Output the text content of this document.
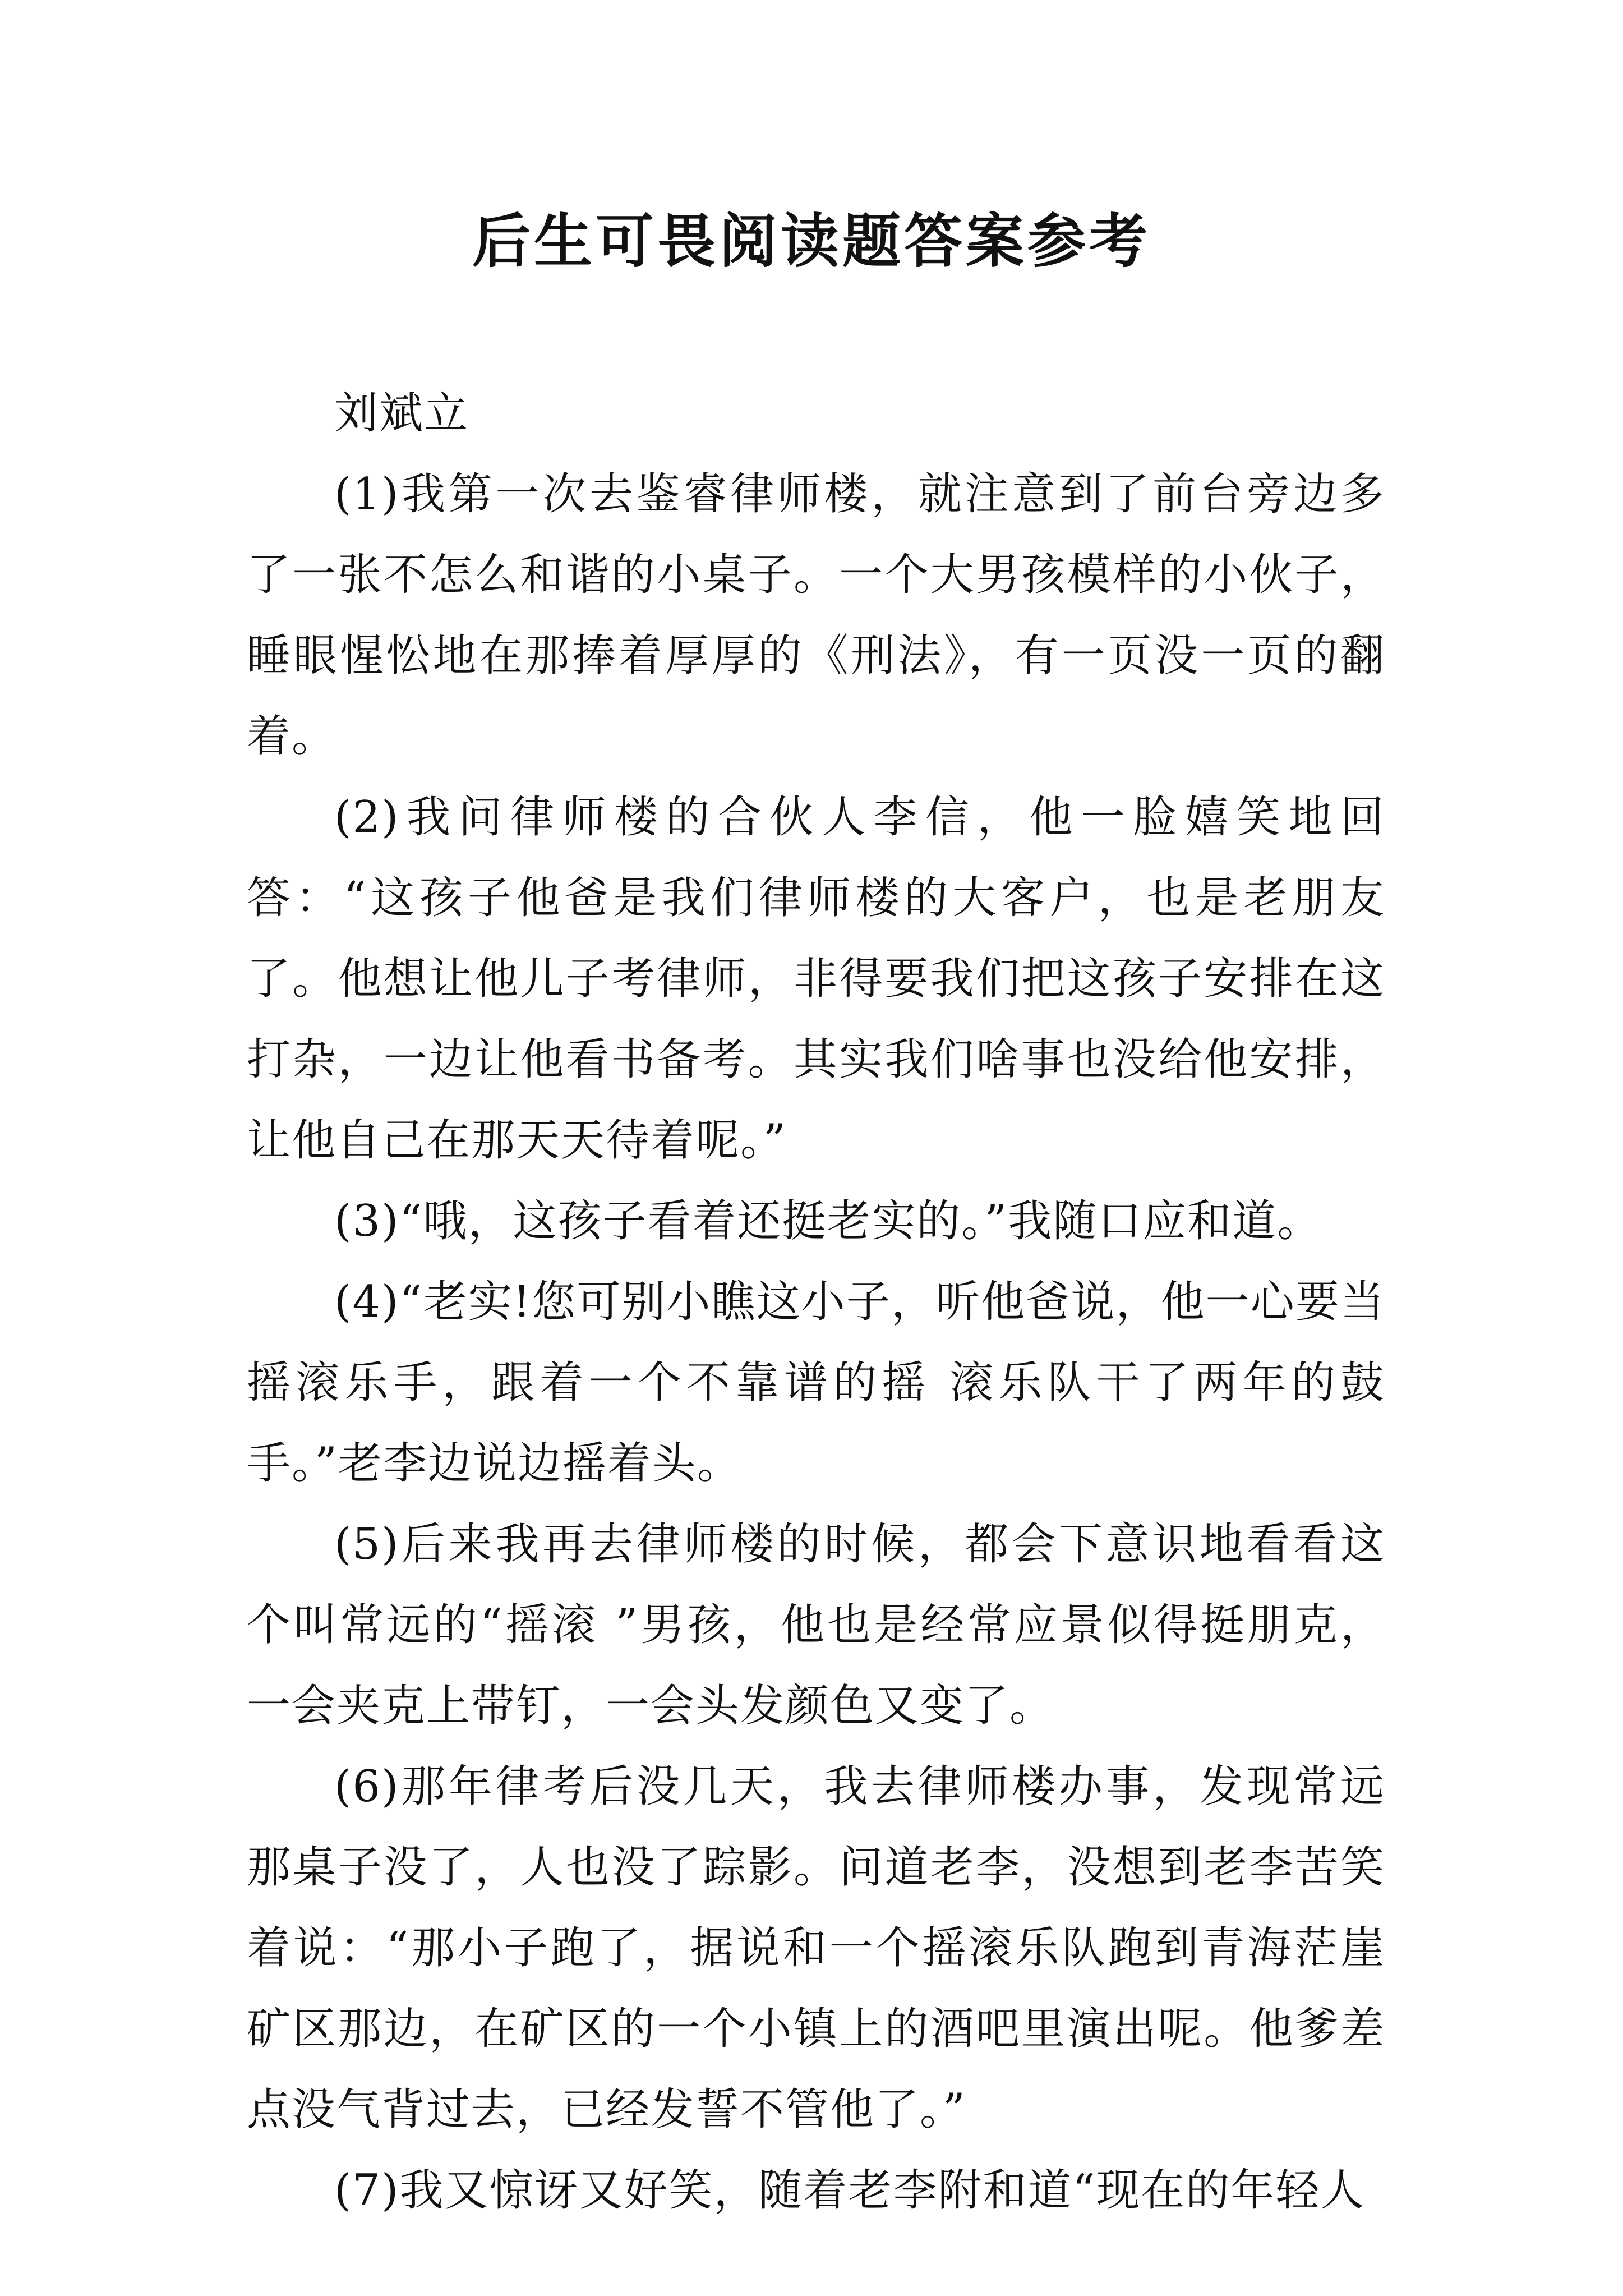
后生可畏阅读题答案参考

刘斌立

(1)我第一次去鉴睿律师楼，就注意到了前台旁边多了一张不怎么和谐的小桌子。一个大男孩模样的小伙子，睡眼惺忪地在那捧着厚厚的《刑法》，有一页没一页的翻着。

(2)我问律师楼的合伙人李信，他一脸嬉笑地回答：“这孩子他爸是我们律师楼的大客户，也是老朋友了。他想让他儿子考律师，非得要我们把这孩子安排在这打杂，一边让他看书备考。其实我们啥事也没给他安排，让他自己在那天天待着呢。”

(3)“哦，这孩子看着还挺老实的。”我随口应和道。

(4)“老实!您可别小瞧这小子，听他爸说，他一心要当摇滚乐手，跟着一个不靠谱的摇 滚乐队干了两年的鼓手。”老李边说边摇着头。

(5)后来我再去律师楼的时候，都会下意识地看看这个叫常远的“摇滚 ”男孩，他也是经常应景似得挺朋克，一会夹克上带钉，一会头发颜色又变了。

(6)那年律考后没几天，我去律师楼办事，发现常远那桌子没了，人也没了踪影。问道老李，没想到老李苦笑着说：“那小子跑了，据说和一个摇滚乐队跑到青海茫崖矿区那边，在矿区的一个小镇上的酒吧里演出呢。他爹差点没气背过去，已经发誓不管他了。”

(7)我又惊讶又好笑，随着老李附和道“现在的年轻人
